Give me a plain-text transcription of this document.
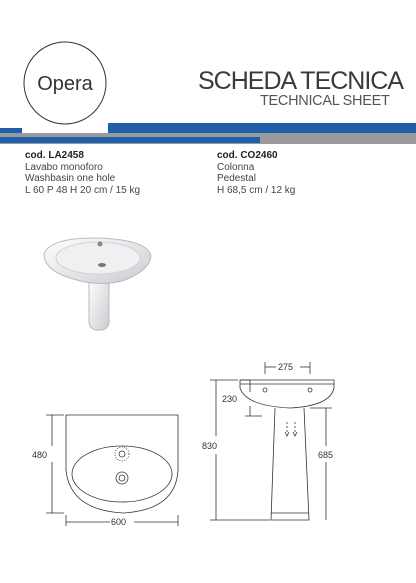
Opera	SCHEDA TECNICA
TECHNICAL SHEET
cod. LA2458
Lavabo monoforo
Washbasin one hole
L 60 P 48 H 20 cm / 15 kg
cod. CO2460
Colonna
Pedestal
H 68,5 cm / 12 kg
600
480
275
230
830
685
